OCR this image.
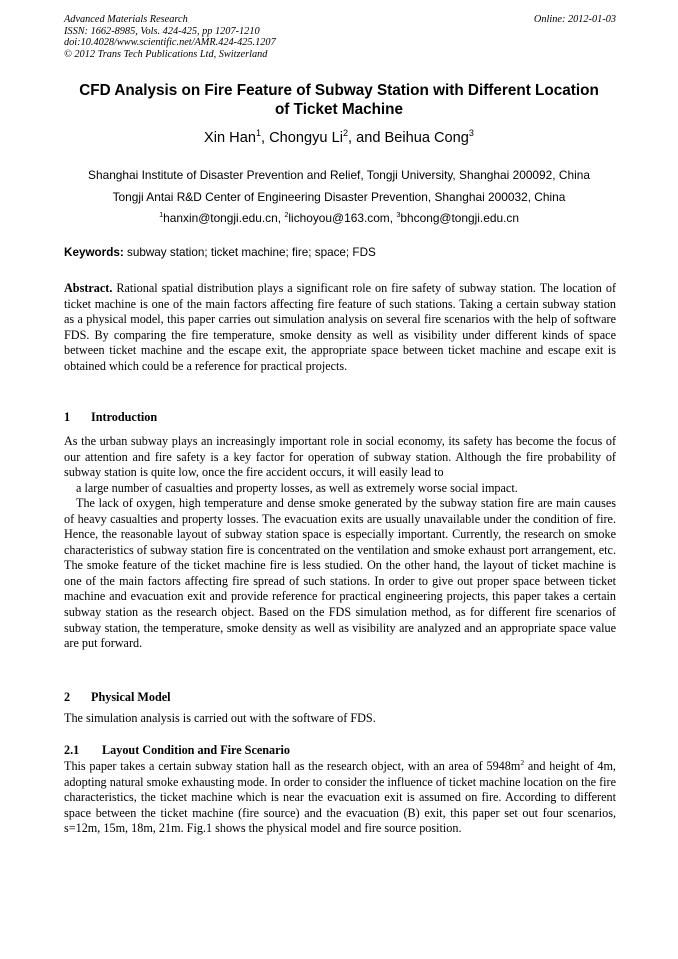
Advanced Materials Research
ISSN: 1662-8985, Vols. 424-425, pp 1207-1210
doi:10.4028/www.scientific.net/AMR.424-425.1207
© 2012 Trans Tech Publications Ltd, Switzerland
Online: 2012-01-03
CFD Analysis on Fire Feature of Subway Station with Different Location
of Ticket Machine
Xin Han$^1$, Chongyu Li$^2$, and Beihua Cong$^3$
Shanghai Institute of Disaster Prevention and Relief, Tongji University, Shanghai 200092, China
Tongji Antai R&D Center of Engineering Disaster Prevention, Shanghai 200032, China
$^1$hanxin@tongji.edu.cn, $^2$lichoyou@163.com, $^3$bhcong@tongji.edu.cn
Keywords: subway station; ticket machine; fire; space; FDS

Abstract. Rational spatial distribution plays a significant role on fire safety of subway station. The location of ticket machine is one of the main factors affecting fire feature of such stations. Taking a certain subway station as a physical model, this paper carries out simulation analysis on several fire scenarios with the help of software FDS. By comparing the fire temperature, smoke density as well as visibility under different kinds of space between ticket machine and the escape exit, the appropriate space between ticket machine and escape exit is obtained which could be a reference for practical projects.

1 Introduction

As the urban subway plays an increasingly important role in social economy, its safety has become the focus of our attention and fire safety is a key factor for operation of subway station. Although the fire probability of subway station is quite low, once the fire accident occurs, it will easily lead to

a large number of casualties and property losses, as well as extremely worse social impact.

The lack of oxygen, high temperature and dense smoke generated by the subway station fire are main causes of heavy casualties and property losses. The evacuation exits are usually unavailable under the condition of fire. Hence, the reasonable layout of subway station space is especially important. Currently, the research on smoke characteristics of subway station fire is concentrated on the ventilation and smoke exhaust port arrangement, etc. The smoke feature of the ticket machine fire is less studied. On the other hand, the layout of ticket machine is one of the main factors affecting fire spread of such stations. In order to give out proper space between ticket machine and evacuation exit and provide reference for practical engineering projects, this paper takes a certain subway station as the research object. Based on the FDS simulation method, as for different fire scenarios of subway station, the temperature, smoke density as well as visibility are analyzed and an appropriate space value are put forward.

2 Physical Model
The simulation analysis is carried out with the software of FDS.
2.1 Layout Condition and Fire Scenario

This paper takes a certain subway station hall as the research object, with an area of $5948m^2$ and height of 4m, adopting natural smoke exhausting mode. In order to consider the influence of ticket machine location on the fire characteristics, the ticket machine which is near the evacuation exit is assumed on fire. According to different space between the ticket machine (fire source) and the evacuation (B) exit, this paper set out four scenarios, s=12m, 15m, 18m, 21m. Fig.1 shows the physical model and fire source position.
